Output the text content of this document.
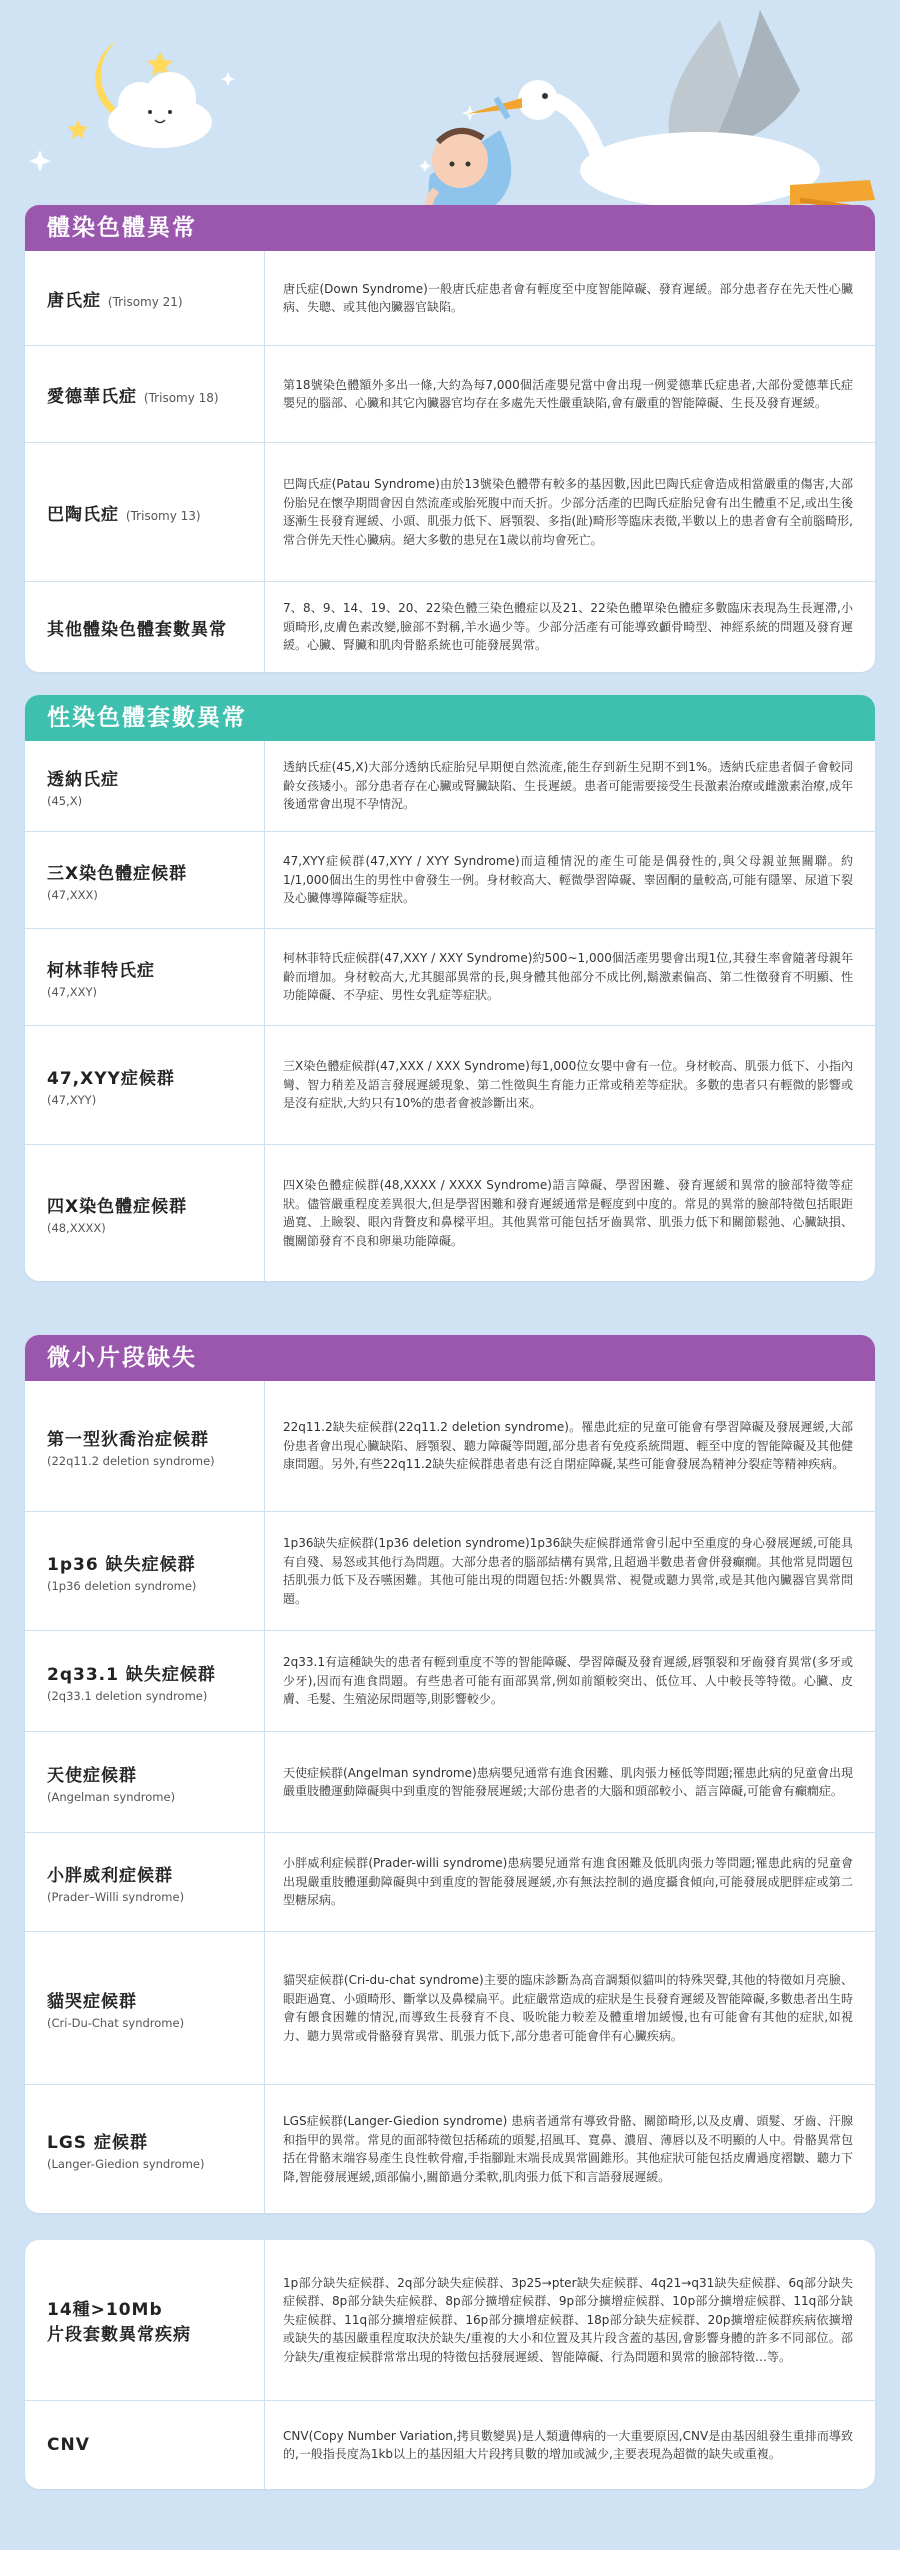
體染色體異常
唐氏症 (Trisomy 21)
唐氏症(Down Syndrome)一般唐氏症患者會有輕度至中度智能障礙、發育遲緩。部分患者存在先天性心臟病、失聰、或其他內臟器官缺陷。
愛德華氏症 (Trisomy 18)
第18號染色體額外多出一條,大約為每7,000個活產嬰兒當中會出現一例愛德華氏症患者,大部份愛德華氏症嬰兒的腦部、心臟和其它內臟器官均存在多處先天性嚴重缺陷,會有嚴重的智能障礙、生長及發育遲緩。
巴陶氏症 (Trisomy 13)
巴陶氏症(Patau Syndrome)由於13號染色體帶有較多的基因數,因此巴陶氏症會造成相當嚴重的傷害,大部份胎兒在懷孕期間會因自然流產或胎死腹中而夭折。少部分活產的巴陶氏症胎兒會有出生體重不足,或出生後逐漸生長發育遲緩、小頭、肌張力低下、唇顎裂、多指(趾)畸形等臨床表徵,半數以上的患者會有全前腦畸形,常合併先天性心臟病。絕大多數的患兒在1歲以前均會死亡。
其他體染色體套數異常
7、8、9、14、19、20、22染色體三染色體症以及21、22染色體單染色體症多數臨床表現為生長遲滯,小頭畸形,皮膚色素改變,臉部不對稱,羊水過少等。少部分活產有可能導致顱骨畸型、神經系統的問題及發育遲緩。心臟、腎臟和肌肉骨骼系統也可能發展異常。
性染色體套數異常
透納氏症
(45,X)
透納氏症(45,X)大部分透納氏症胎兒早期便自然流產,能生存到新生兒期不到1%。透納氏症患者個子會較同齡女孩矮小。部分患者存在心臟或腎臟缺陷、生長遲緩。患者可能需要接受生長激素治療或雌激素治療,成年後通常會出現不孕情況。
三X染色體症候群
(47,XXX)
47,XYY症候群(47,XYY / XYY Syndrome)而這種情況的產生可能是偶發性的,與父母親並無關聯。約1/1,000個出生的男性中會發生一例。身材較高大、輕微學習障礙、睾固酮的量較高,可能有隱睪、尿道下裂及心臟傳導障礙等症狀。
柯林菲特氏症
(47,XXY)
柯林菲特氏症候群(47,XXY / XXY Syndrome)約500~1,000個活產男嬰會出現1位,其發生率會隨著母親年齡而增加。身材較高大,尤其腿部異常的長,與身體其他部分不成比例,鬍激素偏高、第二性徵發育不明顯、性功能障礙、不孕症、男性女乳症等症狀。
47,XYY症候群
(47,XYY)
三X染色體症候群(47,XXX / XXX Syndrome)每1,000位女嬰中會有一位。身材較高、肌張力低下、小指內彎、智力稍差及語言發展遲緩現象、第二性徵與生育能力正常或稍差等症狀。多數的患者只有輕微的影響或是沒有症狀,大約只有10%的患者會被診斷出來。
四X染色體症候群
(48,XXXX)
四X染色體症候群(48,XXXX / XXXX Syndrome)語言障礙、學習困難、發育遲緩和異常的臉部特徵等症狀。儘管嚴重程度差異很大,但是學習困難和發育遲緩通常是輕度到中度的。常見的異常的臉部特徵包括眼距過寬、上瞼裂、眼內背贅皮和鼻樑平坦。其他異常可能包括牙齒異常、肌張力低下和關節鬆弛、心臟缺損、髖關節發育不良和卵巢功能障礙。
微小片段缺失
第一型狄喬治症候群
(22q11.2 deletion syndrome)
22q11.2缺失症候群(22q11.2 deletion syndrome)。罹患此症的兒童可能會有學習障礙及發展遲緩,大部份患者會出現心臟缺陷、唇顎裂、聽力障礙等問題,部分患者有免疫系統問題、輕至中度的智能障礙及其他健康問題。另外,有些22q11.2缺失症候群患者患有泛自閉症障礙,某些可能會發展為精神分裂症等精神疾病。
1p36 缺失症候群
(1p36 deletion syndrome)
1p36缺失症候群(1p36 deletion syndrome)1p36缺失症候群通常會引起中至重度的身心發展遲緩,可能具有自殘、易怒或其他行為問題。大部分患者的腦部結構有異常,且超過半數患者會併發癲癇。其他常見問題包括肌張力低下及吞嚥困難。其他可能出現的問題包括:外觀異常、視覺或聽力異常,或是其他內臟器官異常問題。
2q33.1 缺失症候群
(2q33.1 deletion syndrome)
2q33.1有這種缺失的患者有輕到重度不等的智能障礙、學習障礙及發育遲緩,唇顎裂和牙齒發育異常(多牙或少牙),因而有進食問題。有些患者可能有面部異常,例如前額較突出、低位耳、人中較長等特徵。心臟、皮膚、毛髮、生殖泌尿問題等,則影響較少。
天使症候群
(Angelman syndrome)
天使症候群(Angelman syndrome)患病嬰兒通常有進食困難、肌肉張力極低等問題;罹患此病的兒童會出現嚴重肢體運動障礙與中到重度的智能發展遲緩;大部份患者的大腦和頭部較小、語言障礙,可能會有癲癇症。
小胖威利症候群
(Prader–Willi syndrome)
小胖威利症候群(Prader-willi syndrome)患病嬰兒通常有進食困難及低肌肉張力等問題;罹患此病的兒童會出現嚴重肢體運動障礙與中到重度的智能發展遲緩,亦有無法控制的過度攝食傾向,可能發展成肥胖症或第二型糖尿病。
貓哭症候群
(Cri-Du-Chat syndrome)
貓哭症候群(Cri-du-chat syndrome)主要的臨床診斷為高音調類似貓叫的特殊哭聲,其他的特徵如月亮臉、眼距過寬、小頭畸形、斷掌以及鼻樑扁平。此症嚴常造成的症狀是生長發育遲緩及智能障礙,多數患者出生時會有餵食困難的情況,而導致生長發育不良、吸吮能力較差及體重增加緩慢,也有可能會有其他的症狀,如視力、聽力異常或骨骼發育異常、肌張力低下,部分患者可能會伴有心臟疾病。
LGS 症候群
(Langer-Giedion syndrome)
LGS症候群(Langer-Giedion syndrome) 患病者通常有導致骨骼、關節畸形,以及皮膚、頭髮、牙齒、汗腺和指甲的異常。常見的面部特徵包括稀疏的頭髮,招風耳、寬鼻、濃眉、薄唇以及不明顯的人中。骨骼異常包括在骨骼末端容易產生良性軟骨瘤,手指腳趾末端長成異常圓錐形。其他症狀可能包括皮膚過度褶皺、聽力下降,智能發展遲緩,頭部偏小,關節過分柔軟,肌肉張力低下和言語發展遲緩。
14種>10Mb
片段套數異常疾病
1p部分缺失症候群、2q部分缺失症候群、3p25→pter缺失症候群、4q21→q31缺失症候群、6q部分缺失症候群、8p部分缺失症候群、8p部分擴增症候群、9p部分擴增症候群、10p部分擴增症候群、11q部分缺失症候群、11q部分擴增症候群、16p部分擴增症候群、18p部分缺失症候群、20p擴增症候群疾病依擴增或缺失的基因嚴重程度取決於缺失/重複的大小和位置及其片段含蓋的基因,會影響身體的許多不同部位。部分缺失/重複症候群常常出現的特徵包括發展遲緩、智能障礙、行為問題和異常的臉部特徵…等。
CNV	CNV(Copy Number Variation,拷貝數變異)是人類遺傳病的一大重要原因,CNV是由基因組發生重排而導致的,一般指長度為1kb以上的基因組大片段拷貝數的增加或減少,主要表現為超微的缺失或重複。
